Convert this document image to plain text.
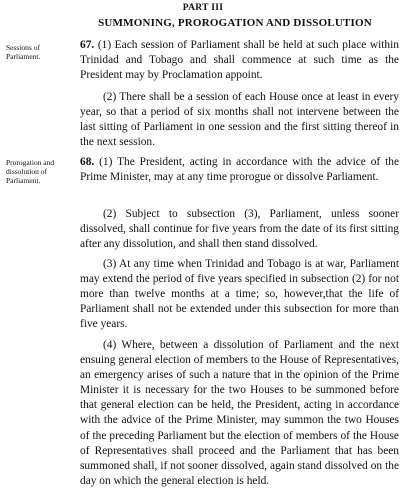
PART III
SUMMONING, PROROGATION AND DISSOLUTION
Sessions of Parliament.

67. (1) Each session of Parliament shall be held at such place within Trinidad and Tobago and shall commence at such time as the President may by Proclamation appoint.

(2) There shall be a session of each House once at least in every year, so that a period of six months shall not intervene between the last sitting of Parliament in one session and the first sitting thereof in the next session.

Prorogation and dissolution of Parliament.

68. (1) The President, acting in accordance with the advice of the Prime Minister, may at any time prorogue or dissolve Parliament.

(2) Subject to subsection (3), Parliament, unless sooner dissolved, shall continue for five years from the date of its first sitting after any dissolution, and shall then stand dissolved.

(3) At any time when Trinidad and Tobago is at war, Parliament may extend the period of five years specified in subsection (2) for not more than twelve months at a time; so, however,that the life of Parliament shall not be extended under this subsection for more than five years.

(4) Where, between a dissolution of Parliament and the next ensuing general election of members to the House of Representatives, an emergency arises of such a nature that in the opinion of the Prime Minister it is necessary for the two Houses to be summoned before that general election can be held, the President, acting in accordance with the advice of the Prime Minister, may summon the two Houses of the preceding Parliament but the election of members of the House of Representatives shall proceed and the Parliament that has been summoned shall, if not sooner dissolved, again stand dissolved on the day on which the general election is held.
